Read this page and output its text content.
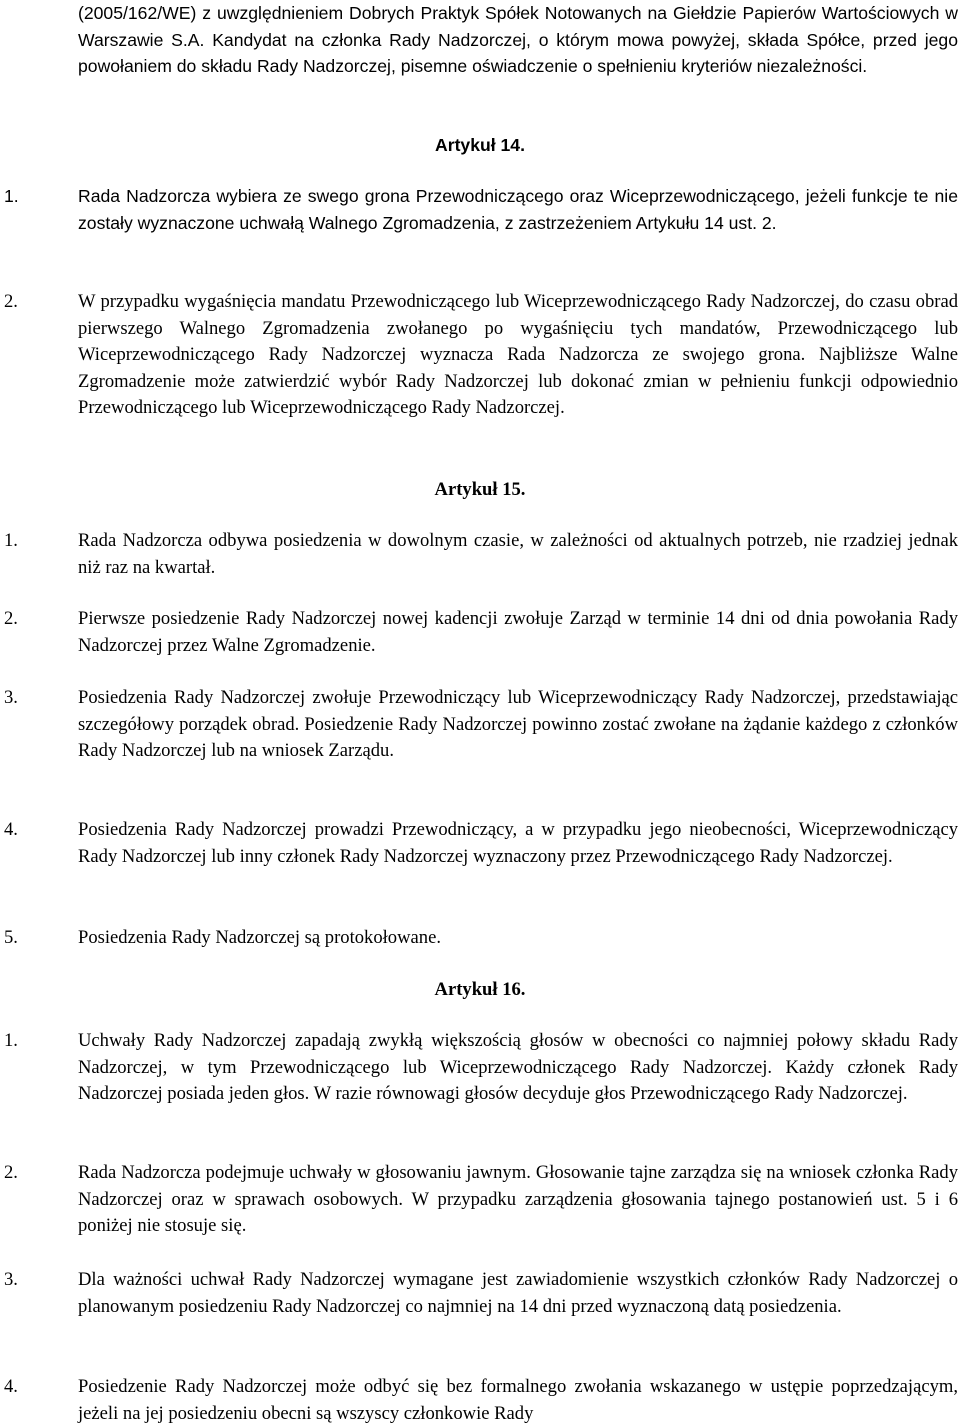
(2005/162/WE) z uwzględnieniem Dobrych Praktyk Spółek Notowanych na Giełdzie Papierów Wartościowych w Warszawie S.A. Kandydat na członka Rady Nadzorczej, o którym mowa powyżej, składa Spółce, przed jego powołaniem do składu Rady Nadzorczej, pisemne oświadczenie o spełnieniu kryteriów niezależności.
Artykuł 14.
1.	Rada Nadzorcza wybiera ze swego grona Przewodniczącego oraz Wiceprzewodniczącego, jeżeli funkcje te nie zostały wyznaczone uchwałą Walnego Zgromadzenia, z zastrzeżeniem Artykułu 14 ust. 2.
2.	W przypadku wygaśnięcia mandatu Przewodniczącego lub Wiceprzewodniczącego Rady Nadzorczej, do czasu obrad pierwszego Walnego Zgromadzenia zwołanego po wygaśnięciu tych mandatów, Przewodniczącego lub Wiceprzewodniczącego Rady Nadzorczej wyznacza Rada Nadzorcza ze swojego grona. Najbliższe Walne Zgromadzenie może zatwierdzić wybór Rady Nadzorczej lub dokonać zmian w pełnieniu funkcji odpowiednio Przewodniczącego lub Wiceprzewodniczącego Rady Nadzorczej.
Artykuł 15.
1.	Rada Nadzorcza odbywa posiedzenia w dowolnym czasie, w zależności od aktualnych potrzeb, nie rzadziej jednak niż raz na kwartał.
2.	Pierwsze posiedzenie Rady Nadzorczej nowej kadencji zwołuje Zarząd w terminie 14 dni od dnia powołania Rady Nadzorczej przez Walne Zgromadzenie.
3.	Posiedzenia Rady Nadzorczej zwołuje Przewodniczący lub Wiceprzewodniczący Rady Nadzorczej, przedstawiając szczegółowy porządek obrad. Posiedzenie Rady Nadzorczej powinno zostać zwołane na żądanie każdego z członków Rady Nadzorczej lub na wniosek Zarządu.
4.	Posiedzenia Rady Nadzorczej prowadzi Przewodniczący, a w przypadku jego nieobecności, Wiceprzewodniczący Rady Nadzorczej lub inny członek Rady Nadzorczej wyznaczony przez Przewodniczącego Rady Nadzorczej.
5.	Posiedzenia Rady Nadzorczej są protokołowane.
Artykuł 16.
1.	Uchwały Rady Nadzorczej zapadają zwykłą większością głosów w obecności co najmniej połowy składu Rady Nadzorczej, w tym Przewodniczącego lub Wiceprzewodniczącego Rady Nadzorczej. Każdy członek Rady Nadzorczej posiada jeden głos. W razie równowagi głosów decyduje głos Przewodniczącego Rady Nadzorczej.
2.	Rada Nadzorcza podejmuje uchwały w głosowaniu jawnym. Głosowanie tajne zarządza się na wniosek członka Rady Nadzorczej oraz w sprawach osobowych. W przypadku zarządzenia głosowania tajnego postanowień ust. 5 i 6 poniżej nie stosuje się.
3.	Dla ważności uchwał Rady Nadzorczej wymagane jest zawiadomienie wszystkich członków Rady Nadzorczej o planowanym posiedzeniu Rady Nadzorczej co najmniej na 14 dni przed wyznaczoną datą posiedzenia.
4.	Posiedzenie Rady Nadzorczej może odbyć się bez formalnego zwołania wskazanego w ustępie poprzedzającym, jeżeli na jej posiedzeniu obecni są wszyscy członkowie Rady
